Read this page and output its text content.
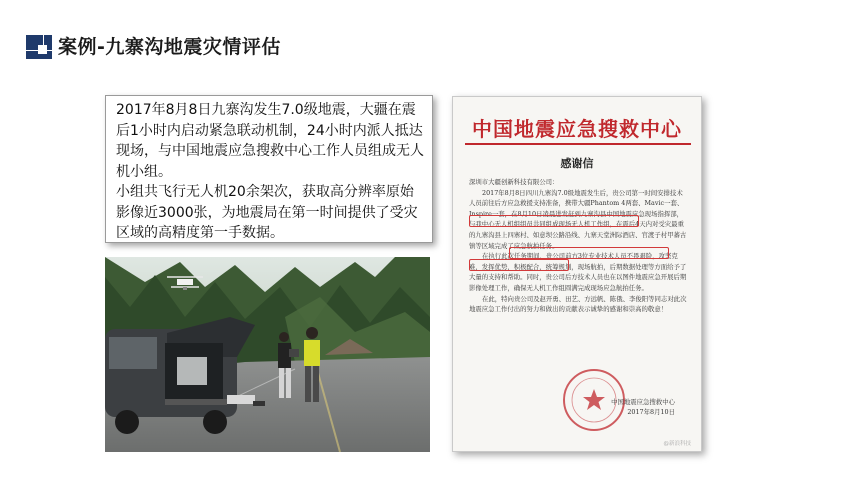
案例-九寨沟地震灾情评估

2017年8月8日九寨沟发生7.0级地震，大疆在震后1小时内启动紧急联动机制，24小时内派人抵达现场，与中国地震应急搜救中心工作人员组成无人机小组。

小组共飞行无人机20余架次，获取高分辨率原始影像近3000张，为地震局在第一时间提供了受灾区域的高精度第一手数据。

中国地震应急搜救中心
感谢信

深圳市大疆创新科技有限公司：

2017年8月8日四川九寨沟7.0级地震发生后，贵公司第一时间安排技术人员前往后方应急救援支持准备，携带大疆Phantom 4两套、Mavic一套、Inspire一套，在8月10日凌晨进发赶到九寨沟县中国地震应急现场指挥部，与我中心无人机组组员共同组成现场无人机工作组，在震后4天内对受灾最重的九寨沟县上四寨村、如意坝公路沿线、九寨天堂洲际酒店、官渡子村甲蕃古镇等区域完成了应急航拍任务。

在执行此次任务期间，贵公司前方3位专业技术人员不畏艰险，攻坚克难，发挥优势，积极配合，统筹规划，现场航拍，后期数据处理等方面给予了大量的支持和帮助。同时，贵公司后方技术人员也在以图件地震应急开展后期影像处理工作，确保无人机工作组圆满完成现场应急航拍任务。

在此，特向贵公司及赵开勇、田艺、方远帆、陈俄、李俊阳等同志对此次地震应急工作付出的努力和做出的贡献表示诚挚的感谢和崇高的敬意！

中国地震应急搜救中心
2017年8月10日
@新浪科技
